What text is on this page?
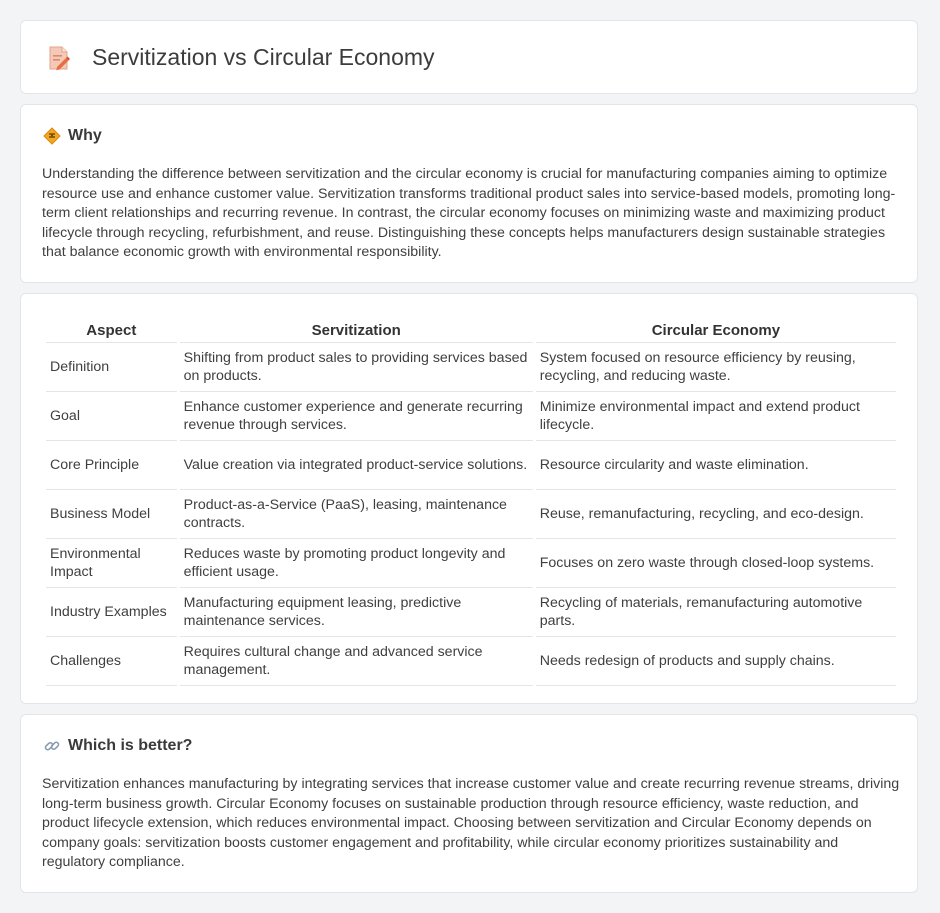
Servitization vs Circular Economy
Why
Understanding the difference between servitization and the circular economy is crucial for manufacturing companies aiming to optimize resource use and enhance customer value. Servitization transforms traditional product sales into service-based models, promoting long-term client relationships and recurring revenue. In contrast, the circular economy focuses on minimizing waste and maximizing product lifecycle through recycling, refurbishment, and reuse. Distinguishing these concepts helps manufacturers design sustainable strategies that balance economic growth with environmental responsibility.
Aspect	Servitization	Circular Economy
Definition	Shifting from product sales to providing services based on products.	System focused on resource efficiency by reusing, recycling, and reducing waste.
Goal	Enhance customer experience and generate recurring revenue through services.	Minimize environmental impact and extend product lifecycle.
Core Principle	Value creation via integrated product-service solutions.	Resource circularity and waste elimination.
Business Model	Product-as-a-Service (PaaS), leasing, maintenance contracts.	Reuse, remanufacturing, recycling, and eco-design.
Environmental Impact	Reduces waste by promoting product longevity and efficient usage.	Focuses on zero waste through closed-loop systems.
Industry Examples	Manufacturing equipment leasing, predictive maintenance services.	Recycling of materials, remanufacturing automotive parts.
Challenges	Requires cultural change and advanced service management.	Needs redesign of products and supply chains.
Which is better?
Servitization enhances manufacturing by integrating services that increase customer value and create recurring revenue streams, driving long-term business growth. Circular Economy focuses on sustainable production through resource efficiency, waste reduction, and product lifecycle extension, which reduces environmental impact. Choosing between servitization and Circular Economy depends on company goals: servitization boosts customer engagement and profitability, while circular economy prioritizes sustainability and regulatory compliance.
